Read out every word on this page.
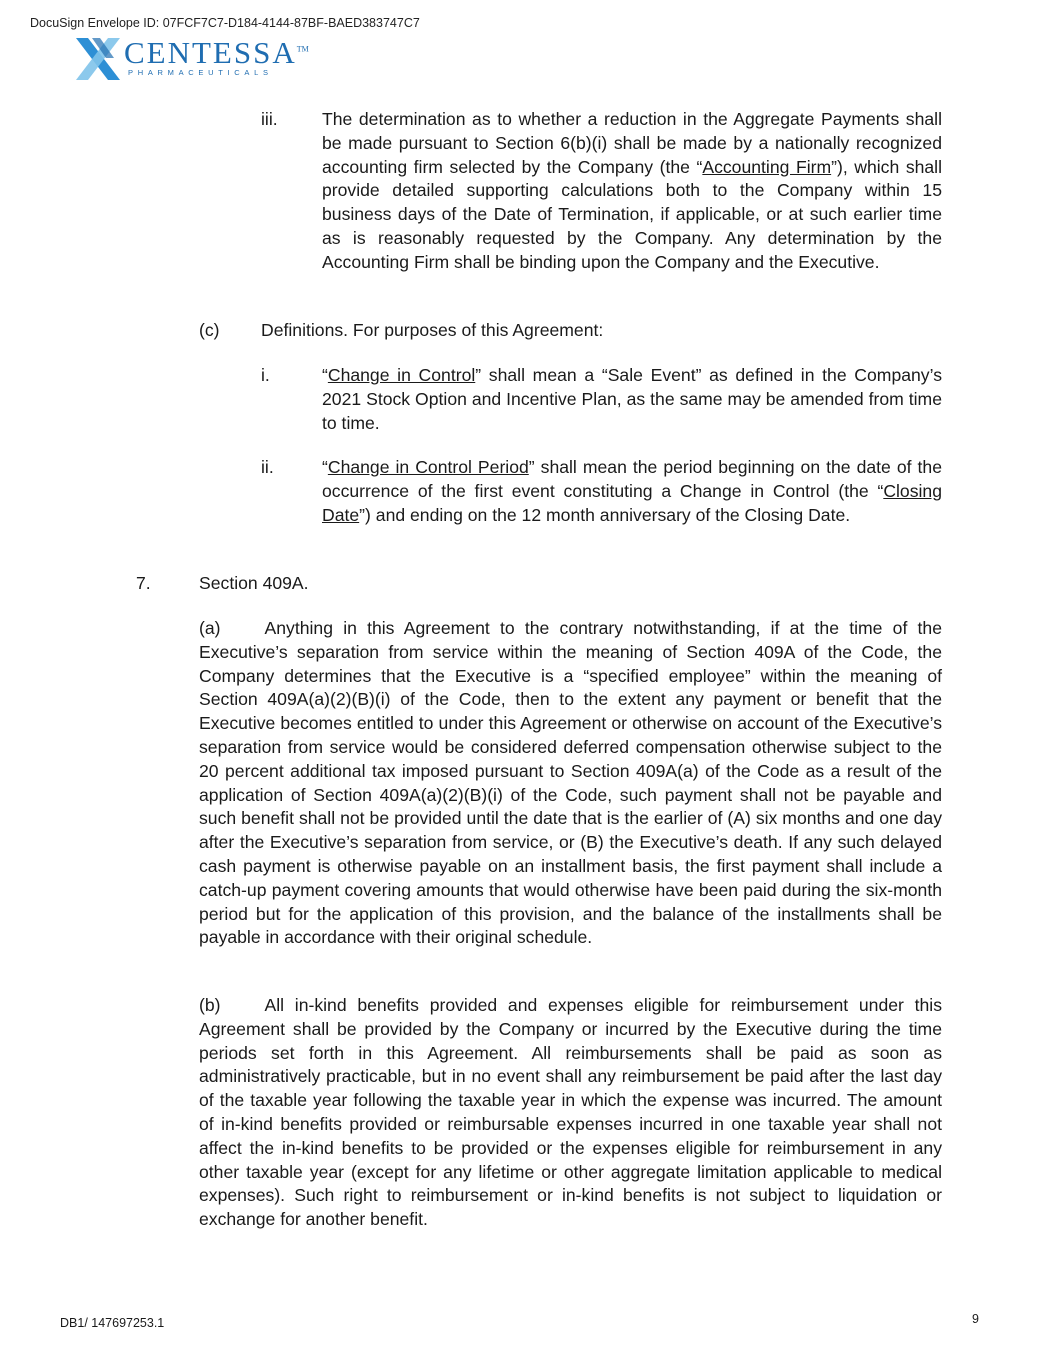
DocuSign Envelope ID: 07FCF7C7-D184-4144-87BF-BAED383747C7
CENTESSA™
PHARMACEUTICALS
iii.	The determination as to whether a reduction in the Aggregate Payments shall be made pursuant to Section 6(b)(i) shall be made by a nationally recognized accounting firm selected by the Company (the “Accounting Firm”), which shall provide detailed supporting calculations both to the Company within 15 business days of the Date of Termination, if applicable, or at such earlier time as is reasonably requested by the Company. Any determination by the Accounting Firm shall be binding upon the Company and the Executive.

(c) Definitions. For purposes of this Agreement:
i.	“Change in Control” shall mean a “Sale Event” as defined in the Company’s 2021 Stock Option and Incentive Plan, as the same may be amended from time to time.

ii.	“Change in Control Period” shall mean the period beginning on the date of the occurrence of the first event constituting a Change in Control (the “Closing Date”) and ending on the 12 month anniversary of the Closing Date.

7.	Section 409A.

(a)	Anything in this Agreement to the contrary notwithstanding, if at the time of the Executive’s separation from service within the meaning of Section 409A of the Code, the Company determines that the Executive is a “specified employee” within the meaning of Section 409A(a)(2)(B)(i) of the Code, then to the extent any payment or benefit that the Executive becomes entitled to under this Agreement or otherwise on account of the Executive’s separation from service would be considered deferred compensation otherwise subject to the 20 percent additional tax imposed pursuant to Section 409A(a) of the Code as a result of the application of Section 409A(a)(2)(B)(i) of the Code, such payment shall not be payable and such benefit shall not be provided until the date that is the earlier of (A) six months and one day after the Executive’s separation from service, or (B) the Executive’s death. If any such delayed cash payment is otherwise payable on an installment basis, the first payment shall include a catch-up payment covering amounts that would otherwise have been paid during the six-month period but for the application of this provision, and the balance of the installments shall be payable in accordance with their original schedule.

(b)	All in-kind benefits provided and expenses eligible for reimbursement under this Agreement shall be provided by the Company or incurred by the Executive during the time periods set forth in this Agreement. All reimbursements shall be paid as soon as administratively practicable, but in no event shall any reimbursement be paid after the last day of the taxable year following the taxable year in which the expense was incurred. The amount of in-kind benefits provided or reimbursable expenses incurred in one taxable year shall not affect the in-kind benefits to be provided or the expenses eligible for reimbursement in any other taxable year (except for any lifetime or other aggregate limitation applicable to medical expenses). Such right to reimbursement or in-kind benefits is not subject to liquidation or exchange for another benefit.

DB1/ 147697253.1	9
